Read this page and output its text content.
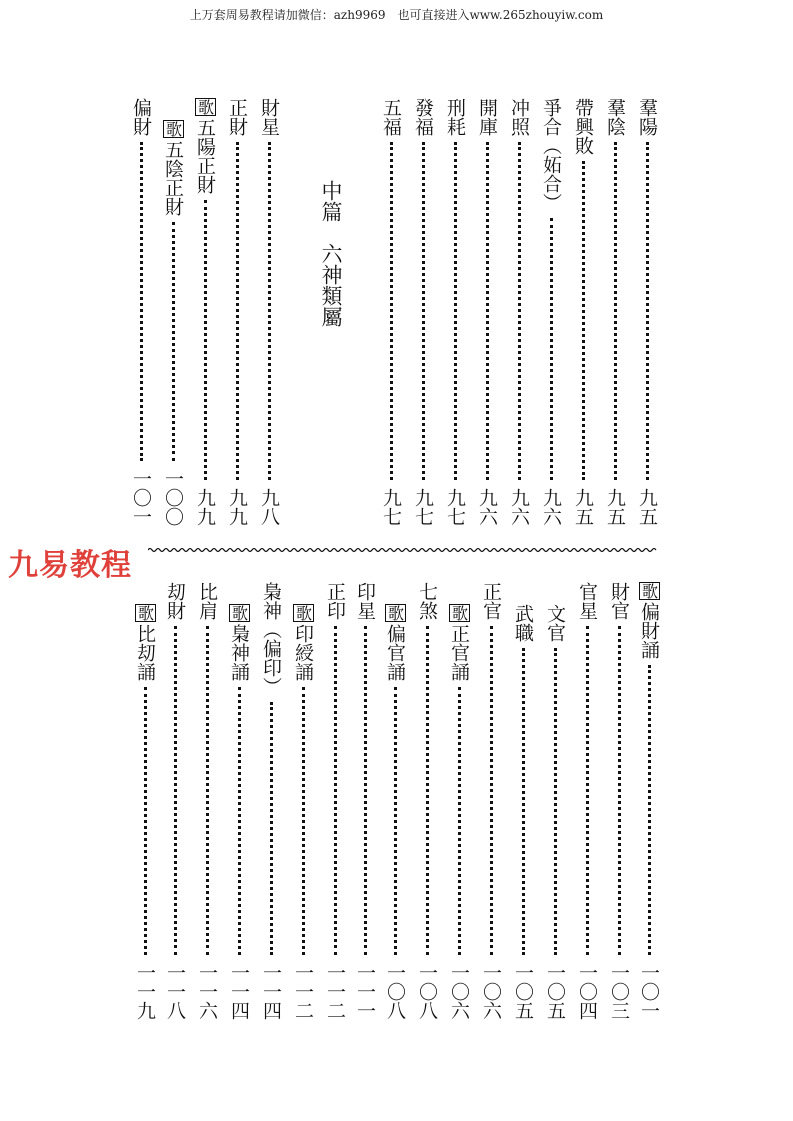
上万套周易教程请加微信：azh9969　也可直接进入www.265zhouyiw.com
羣陽
九五
羣陰
九五
帶興敗
九五
爭合（妬合）
九六
冲照
九六
開庫
九六
刑耗
九七
發福
九七
五福
九七
中篇　六神類屬
財星
九八
正財
九九
歌
五陽正財
九九
歌
五陰正財
一〇〇
偏財
一〇一
九易教程
歌
偏財誦
一〇一
財官
一〇三
官星
一〇四
文官
一〇五
武職
一〇五
正官
一〇六
歌
正官誦
一〇六
七煞
一〇八
歌
偏官誦
一〇八
印星
一一一
正印
一一二
歌
印綬誦
一一二
梟神（偏印）
一一四
歌
梟神誦
一一四
比肩
一一六
刧財
一一八
歌
比刧誦
一一九
